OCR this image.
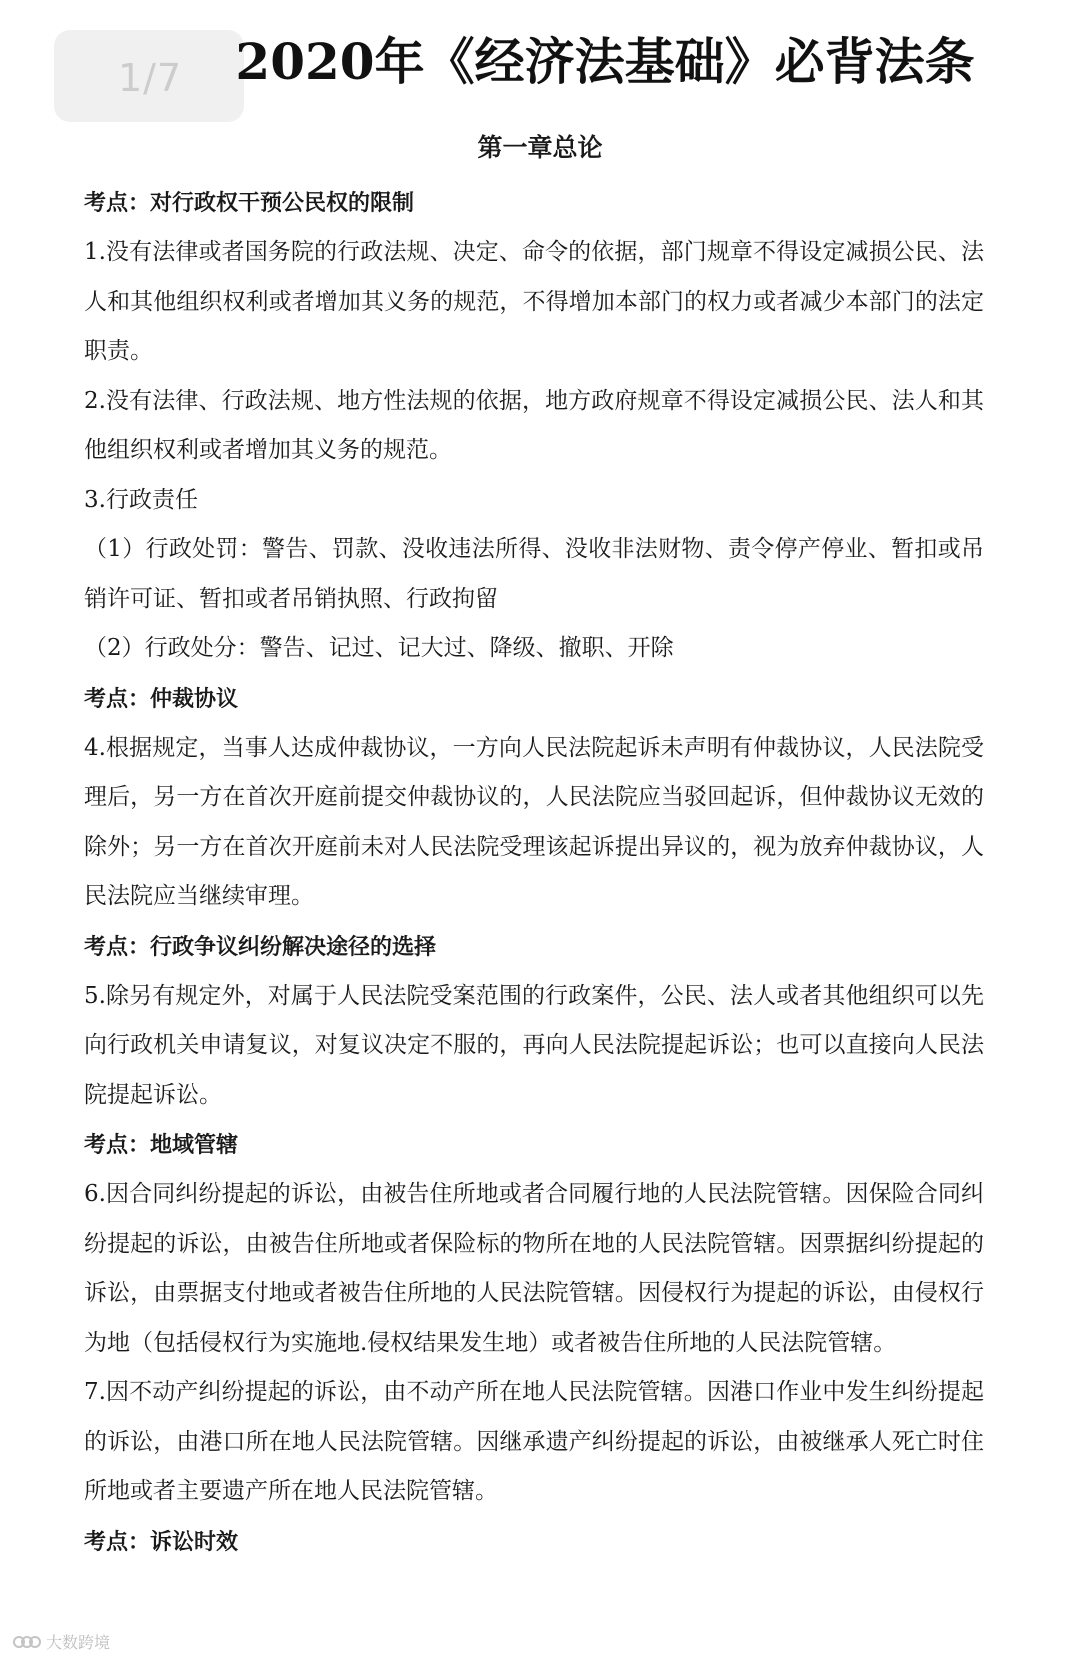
1/7	2020年《经济法基础》必背法条
第一章总论

考点：对行政权干预公民权的限制

1.没有法律或者国务院的行政法规、决定、命令的依据，部门规章不得设定减损公民、法人和其他组织权利或者增加其义务的规范，不得增加本部门的权力或者减少本部门的法定职责。

2.没有法律、行政法规、地方性法规的依据，地方政府规章不得设定减损公民、法人和其他组织权利或者增加其义务的规范。

3.行政责任

（1）行政处罚：警告、罚款、没收违法所得、没收非法财物、责令停产停业、暂扣或吊销许可证、暂扣或者吊销执照、行政拘留

（2）行政处分：警告、记过、记大过、降级、撤职、开除

考点：仲裁协议

4.根据规定，当事人达成仲裁协议，一方向人民法院起诉未声明有仲裁协议，人民法院受理后，另一方在首次开庭前提交仲裁协议的，人民法院应当驳回起诉，但仲裁协议无效的除外；另一方在首次开庭前未对人民法院受理该起诉提出异议的，视为放弃仲裁协议，人民法院应当继续审理。

考点：行政争议纠纷解决途径的选择

5.除另有规定外，对属于人民法院受案范围的行政案件，公民、法人或者其他组织可以先向行政机关申请复议，对复议决定不服的，再向人民法院提起诉讼；也可以直接向人民法院提起诉讼。

考点：地域管辖

6.因合同纠纷提起的诉讼，由被告住所地或者合同履行地的人民法院管辖。因保险合同纠纷提起的诉讼，由被告住所地或者保险标的物所在地的人民法院管辖。因票据纠纷提起的诉讼，由票据支付地或者被告住所地的人民法院管辖。因侵权行为提起的诉讼，由侵权行为地（包括侵权行为实施地.侵权结果发生地）或者被告住所地的人民法院管辖。

7.因不动产纠纷提起的诉讼，由不动产所在地人民法院管辖。因港口作业中发生纠纷提起的诉讼，由港口所在地人民法院管辖。因继承遗产纠纷提起的诉讼，由被继承人死亡时住所地或者主要遗产所在地人民法院管辖。

考点：诉讼时效

大数跨境
